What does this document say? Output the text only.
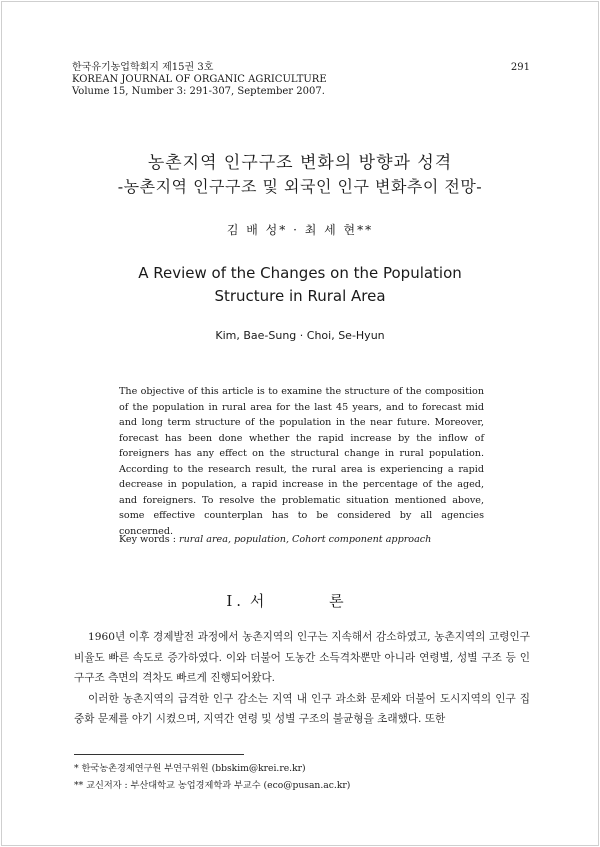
한국유기농업학회지 제15권 3호
KOREAN JOURNAL OF ORGANIC AGRICULTURE
Volume 15, Number 3: 291-307, September 2007.
291
농촌지역 인구구조 변화의 방향과 성격
-농촌지역 인구구조 및 외국인 인구 변화추이 전망-
김 배 성* · 최 세 현**
A Review of the Changes on the Population
Structure in Rural Area
Kim, Bae-Sung · Choi, Se-Hyun
The objective of this article is to examine the structure of the composition of the population in rural area for the last 45 years, and to forecast mid and long term structure of the population in the near future. Moreover, forecast has been done whether the rapid increase by the inflow of foreigners has any effect on the structural change in rural population. According to the research result, the rural area is experiencing a rapid decrease in population, a rapid increase in the percentage of the aged, and foreigners. To resolve the problematic situation mentioned above, some effective counterplan has to be considered by all agencies concerned.
Key words : rural area, population, Cohort component approach
Ⅰ. 서 론

1960년 이후 경제발전 과정에서 농촌지역의 인구는 지속해서 감소하였고, 농촌지역의 고령인구 비율도 빠른 속도로 증가하였다. 이와 더불어 도농간 소득격차뿐만 아니라 연령별, 성별 구조 등 인구구조 측면의 격차도 빠르게 진행되어왔다.

이러한 농촌지역의 급격한 인구 감소는 지역 내 인구 과소화 문제와 더불어 도시지역의 인구 집중화 문제를 야기 시켰으며, 지역간 연령 및 성별 구조의 불균형을 초래했다. 또한

* 한국농촌경제연구원 부연구위원 (bbskim@krei.re.kr)
** 교신저자 : 부산대학교 농업경제학과 부교수 (eco@pusan.ac.kr)
